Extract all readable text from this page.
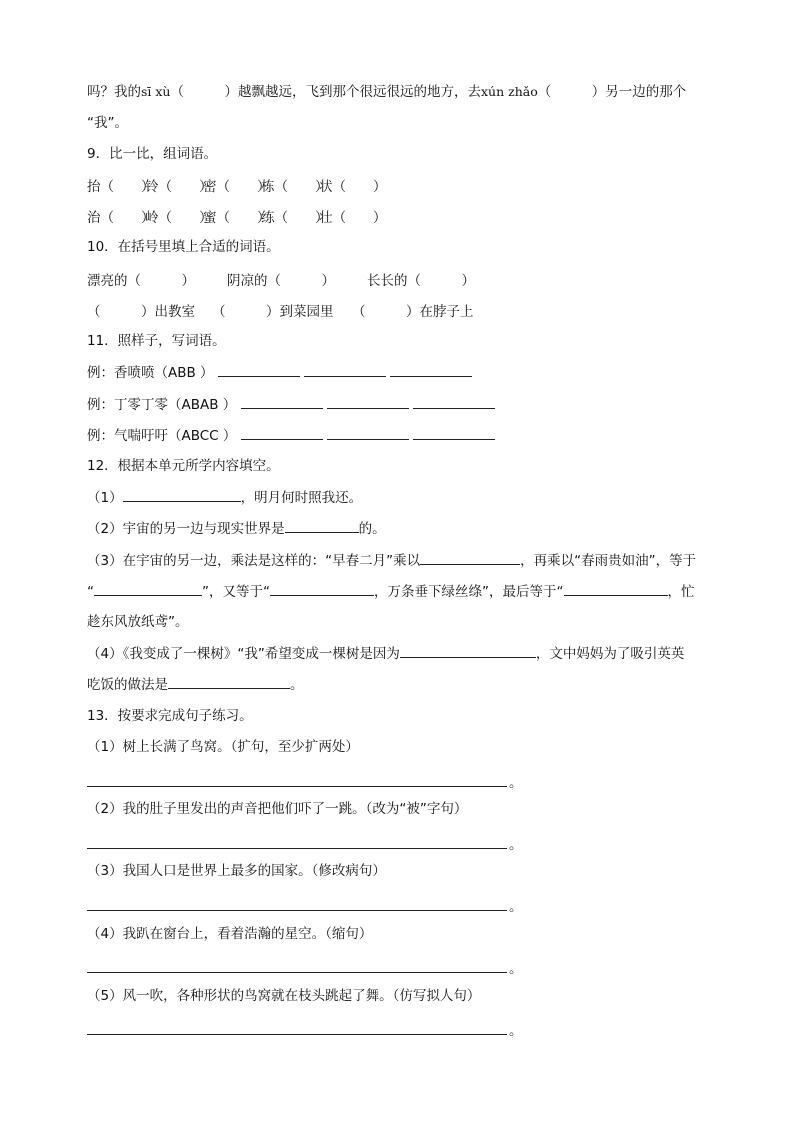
吗？我的sī xù（　　　）越飘越远，飞到那个很远很远的地方，去xún zhǎo（　　　）另一边的那个
“我”。
9．比一比，组词语。
抬（　　）铃（　　）密（　　）栋（　　）状（　　）
治（　　）岭（　　）蜜（　　）练（　　）壮（　　）
10．在括号里填上合适的词语。
漂亮的（　　　） 阴凉的（　　　） 长长的（　　　）
（　　　）出教室 （　　　）到菜园里 （　　　）在脖子上
11．照样子，写词语。
例：香喷喷（ABB ）
例：丁零丁零（ABAB ）
例：气喘吁吁（ABCC ）
12．根据本单元所学内容填空。
（1）	，明月何时照我还。
（2）宇宙的另一边与现实世界是	的。
（3）在宇宙的另一边，乘法是这样的：“早春二月”乘以	，再乘以“春雨贵如油”，等于
“	”，又等于“	，万条垂下绿丝绦”，最后等于“	，忙
趁东风放纸鸢”。
（4）《我变成了一棵树》“我”希望变成一棵树是因为	，文中妈妈为了吸引英英
吃饭的做法是	。
13．按要求完成句子练习。
（1）树上长满了鸟窝。（扩句，至少扩两处）
。
（2）我的肚子里发出的声音把他们吓了一跳。（改为“被”字句）
。
（3）我国人口是世界上最多的国家。（修改病句）
。
（4）我趴在窗台上，看着浩瀚的星空。（缩句）
。
（5）风一吹，各种形状的鸟窝就在枝头跳起了舞。（仿写拟人句）
。
